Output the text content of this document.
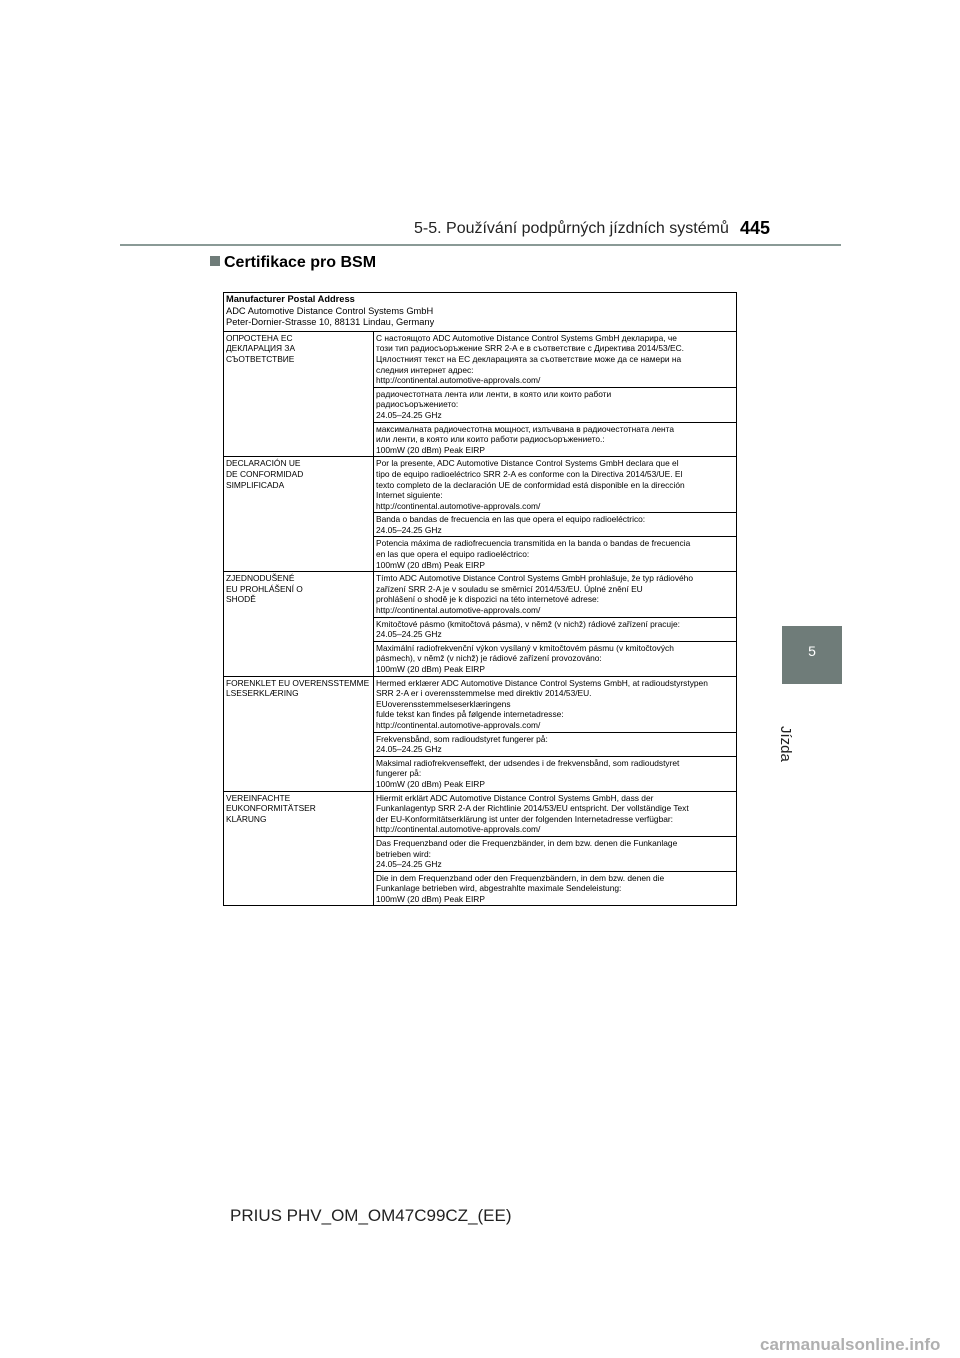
5-5. Používání podpůrných jízdních systémů 445
5
Jízda
Certifikace pro BSM
Manufacturer Postal Address
ADC Automotive Distance Control Systems GmbH
Peter-Dornier-Strasse 10, 88131 Lindau, Germany
ОПРОСТЕНА ЕС
ДЕКЛАРАЦИЯ ЗА
СЪОТВЕТСТВИЕ
С настоящото ADC Automotive Distance Control Systems GmbH декларира, че
този тип радиосъоръжение SRR 2-A е в съответствие с Директива 2014/53/ЕС.
Цялостният текст на ЕС декларацията за съответствие може да се намери на
следния интернет адрес:
http://continental.automotive-approvals.com/
радиочестотната лента или ленти, в която или които работи
радиосъоръжението:
24.05–24.25 GHz
максималната радиочестотна мощност, излъчвана в радиочестотната лента
или ленти, в която или които работи радиосъоръжението.:
100mW (20 dBm) Peak EIRP
DECLARACIÓN UE
DE CONFORMIDAD
SIMPLIFICADA
Por la presente, ADC Automotive Distance Control Systems GmbH declara que el
tipo de equipo radioeléctrico SRR 2-A es conforme con la Directiva 2014/53/UE. El
texto completo de la declaración UE de conformidad está disponible en la dirección
Internet siguiente:
http://continental.automotive-approvals.com/
Banda o bandas de frecuencia en las que opera el equipo radioeléctrico:
24.05–24.25 GHz
Potencia máxima de radiofrecuencia transmitida en la banda o bandas de frecuencia
en las que opera el equipo radioeléctrico:
100mW (20 dBm) Peak EIRP
ZJEDNODUŠENÉ
EU PROHLÁŠENÍ O
SHODĚ
Tímto ADC Automotive Distance Control Systems GmbH prohlašuje, že typ rádiového
zařízení SRR 2-A je v souladu se směrnicí 2014/53/EU. Úplné znění EU
prohlášení o shodě je k dispozici na této internetové adrese:
http://continental.automotive-approvals.com/
Kmitočtové pásmo (kmitočtová pásma), v němž (v nichž) rádiové zařízení pracuje:
24.05–24.25 GHz
Maximální radiofrekvenční výkon vysílaný v kmitočtovém pásmu (v kmitočtových
pásmech), v němž (v nichž) je rádiové zařízení provozováno:
100mW (20 dBm) Peak EIRP
FORENKLET EU OVERENSSTEMME
LSESERKLÆRING
Hermed erklærer ADC Automotive Distance Control Systems GmbH, at radioudstyrstypen
SRR 2-A er i overensstemmelse med direktiv 2014/53/EU.
EUoverensstemmelseserklæringens
fulde tekst kan findes på følgende internetadresse:
http://continental.automotive-approvals.com/
Frekvensbånd, som radioudstyret fungerer på:
24.05–24.25 GHz
Maksimal radiofrekvenseffekt, der udsendes i de frekvensbånd, som radioudstyret
fungerer på:
100mW (20 dBm) Peak EIRP
VEREINFACHTE
EUKONFORMITÄTSER
KLÄRUNG
Hiermit erklärt ADC Automotive Distance Control Systems GmbH, dass der
Funkanlagentyp SRR 2-A der Richtlinie 2014/53/EU entspricht. Der vollständige Text
der EU-Konformitätserklärung ist unter der folgenden Internetadresse verfügbar:
http://continental.automotive-approvals.com/
Das Frequenzband oder die Frequenzbänder, in dem bzw. denen die Funkanlage
betrieben wird:
24.05–24.25 GHz
Die in dem Frequenzband oder den Frequenzbändern, in dem bzw. denen die
Funkanlage betrieben wird, abgestrahlte maximale Sendeleistung:
100mW (20 dBm) Peak EIRP
PRIUS PHV_OM_OM47C99CZ_(EE)
carmanualsonline.info
